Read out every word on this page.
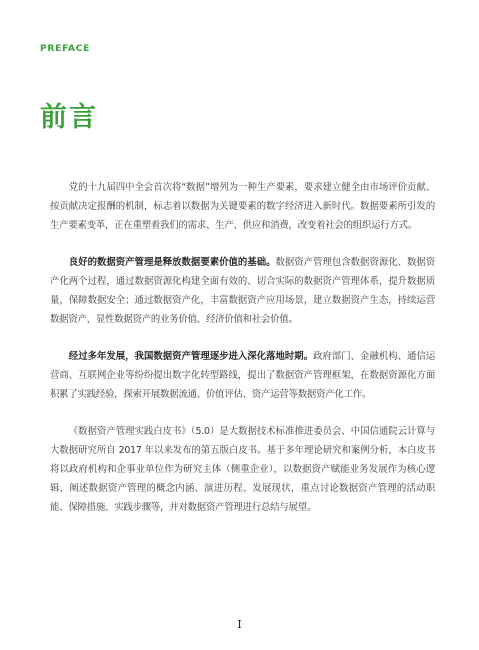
PREFACE
前言

党的十九届四中全会首次将“数据”增列为一种生产要素，要求建立健全由市场评价贡献、按贡献决定报酬的机制，标志着以数据为关键要素的数字经济进入新时代。数据要素所引发的生产要素变革，正在重塑着我们的需求、生产、供应和消费，改变着社会的组织运行方式。

良好的数据资产管理是释放数据要素价值的基础。数据资产管理包含数据资源化、数据资产化两个过程，通过数据资源化构建全面有效的、切合实际的数据资产管理体系，提升数据质量，保障数据安全；通过数据资产化，丰富数据资产应用场景，建立数据资产生态，持续运营数据资产，显性数据资产的业务价值、经济价值和社会价值。

经过多年发展，我国数据资产管理逐步进入深化落地时期。政府部门、金融机构、通信运营商、互联网企业等纷纷提出数字化转型路线，提出了数据资产管理框架，在数据资源化方面积累了实践经验，探索开展数据流通、价值评估、资产运营等数据资产化工作。

《数据资产管理实践白皮书》（5.0）是大数据技术标准推进委员会、中国信通院云计算与大数据研究所自 2017 年以来发布的第五版白皮书。基于多年理论研究和案例分析，本白皮书将以政府机构和企事业单位作为研究主体（侧重企业），以数据资产赋能业务发展作为核心逻辑，阐述数据资产管理的概念内涵、演进历程、发展现状，重点讨论数据资产管理的活动职能、保障措施、实践步骤等，并对数据资产管理进行总结与展望。

I
